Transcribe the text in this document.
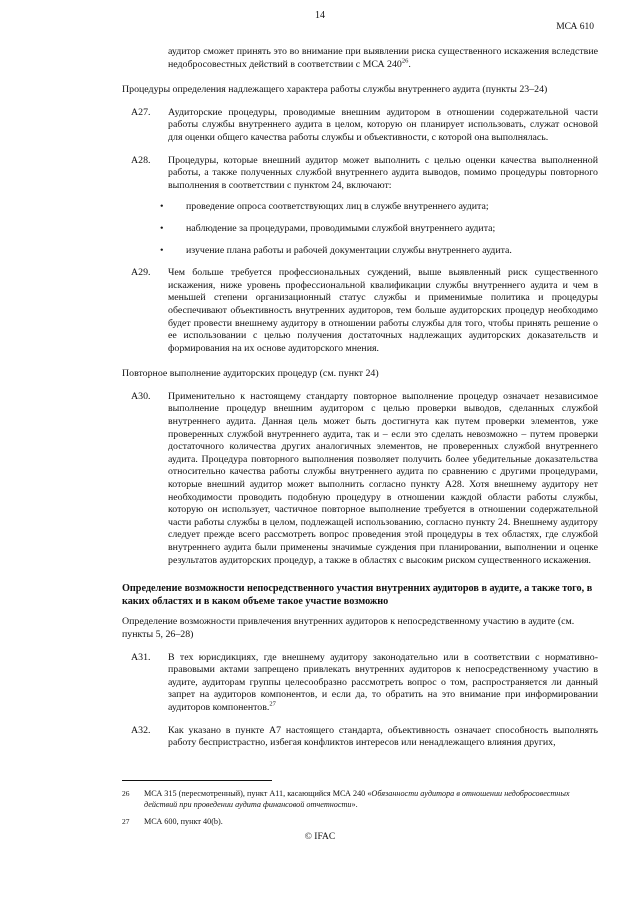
14
МСА 610

аудитор сможет принять это во внимание при выявлении риска существенного искажения вследствие недобросовестных действий в соответствии с МСА $240^{26}$.

Процедуры определения надлежащего характера работы службы внутреннего аудита (пункты 23–24)

A27. Аудиторские процедуры, проводимые внешним аудитором в отношении содержательной части работы службы внутреннего аудита в целом, которую он планирует использовать, служат основой для оценки общего качества работы службы и объективности, с которой она выполнялась.
A28. Процедуры, которые внешний аудитор может выполнить с целью оценки качества выполненной работы, а также полученных службой внутреннего аудита выводов, помимо процедуры повторного выполнения в соответствии с пунктом 24, включают:
• проведение опроса соответствующих лиц в службе внутреннего аудита;
• наблюдение за процедурами, проводимыми службой внутреннего аудита;
• изучение плана работы и рабочей документации службы внутреннего аудита.
A29. Чем больше требуется профессиональных суждений, выше выявленный риск существенного искажения, ниже уровень профессиональной квалификации службы внутреннего аудита и чем в меньшей степени организационный статус службы и применимые политика и процедуры обеспечивают объективность внутренних аудиторов, тем больше аудиторских процедур необходимо будет провести внешнему аудитору в отношении работы службы для того, чтобы принять решение о ее использовании с целью получения достаточных надлежащих аудиторских доказательств и формирования на их основе аудиторского мнения.

Повторное выполнение аудиторских процедур (см. пункт 24)

A30. Применительно к настоящему стандарту повторное выполнение процедур означает независимое выполнение процедур внешним аудитором с целью проверки выводов, сделанных службой внутреннего аудита. Данная цель может быть достигнута как путем проверки элементов, уже проверенных службой внутреннего аудита, так и – если это сделать невозможно – путем проверки достаточного количества других аналогичных элементов, не проверенных службой внутреннего аудита. Процедура повторного выполнения позволяет получить более убедительные доказательства относительно качества работы службы внутреннего аудита по сравнению с другими процедурами, которые внешний аудитор может выполнить согласно пункту A28. Хотя внешнему аудитору нет необходимости проводить подобную процедуру в отношении каждой области работы службы, которую он использует, частичное повторное выполнение требуется в отношении содержательной части работы службы в целом, подлежащей использованию, согласно пункту 24. Внешнему аудитору следует прежде всего рассмотреть вопрос проведения этой процедуры в тех областях, где службой внутреннего аудита были применены значимые суждения при планировании, выполнении и оценке результатов аудиторских процедур, а также в областях с высоким риском существенного искажения.

Определение возможности непосредственного участия внутренних аудиторов в аудите, а также того, в каких областях и в каком объеме такое участие возможно

Определение возможности привлечения внутренних аудиторов к непосредственному участию в аудите (см. пункты 5, 26–28)

A31. В тех юрисдикциях, где внешнему аудитору законодательно или в соответствии с нормативно-правовыми актами запрещено привлекать внутренних аудиторов к непосредственному участию в аудите, аудиторам группы целесообразно рассмотреть вопрос о том, распространяется ли данный запрет на аудиторов компонентов, и если да, то обратить на это внимание при информировании аудиторов компонентов.$^{27}$
A32. Как указано в пункте A7 настоящего стандарта, объективность означает способность выполнять работу беспристрастно, избегая конфликтов интересов или ненадлежащего влияния других,
26 МСА 315 (пересмотренный), пункт A11, касающийся МСА 240 «Обязанности аудитора в отношении недобросовестных действий при проведении аудита финансовой отчетности».
27 МСА 600, пункт 40(b).
© IFAC
